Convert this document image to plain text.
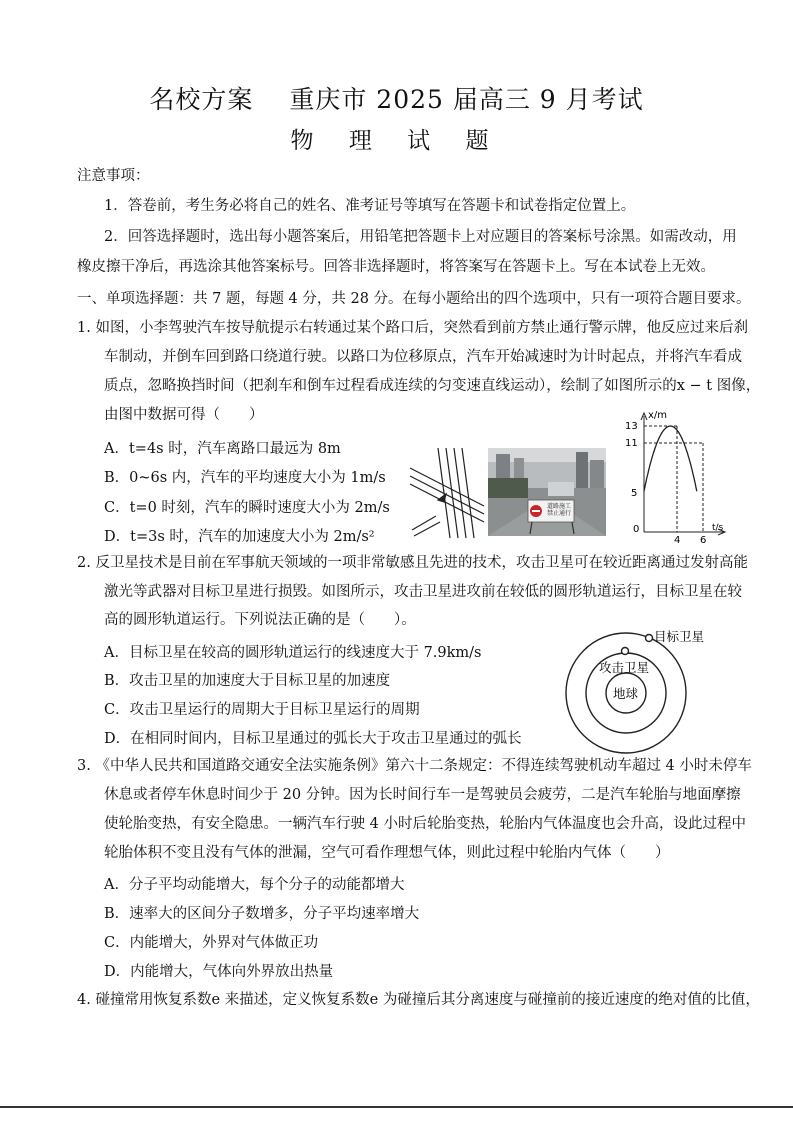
名校方案 重庆市 2025 届高三 9 月考试
物 理 试 题
注意事项：
1．答卷前，考生务必将自己的姓名、准考证号等填写在答题卡和试卷指定位置上。
2．回答选择题时，选出每小题答案后，用铅笔把答题卡上对应题目的答案标号涂黑。如需改动，用
橡皮擦干净后，再选涂其他答案标号。回答非选择题时，将答案写在答题卡上。写在本试卷上无效。
一、单项选择题：共 7 题，每题 4 分，共 28 分。在每小题给出的四个选项中，只有一项符合题目要求。
1. 如图，小李驾驶汽车按导航提示右转通过某个路口后，突然看到前方禁止通行警示牌，他反应过来后刹
车制动，并倒车回到路口绕道行驶。以路口为位移原点，汽车开始减速时为计时起点，并将汽车看成
质点，忽略换挡时间（把刹车和倒车过程看成连续的匀变速直线运动），绘制了如图所示的x − t 图像，
由图中数据可得（　　）
A．t=4s 时，汽车离路口最远为 8m
B．0~6s 内，汽车的平均速度大小为 1m/s
C．t=0 时刻，汽车的瞬时速度大小为 2m/s
D．t=3s 时，汽车的加速度大小为 2m/s²
道路施工
禁止通行
x/m
13
11
5
0
4 6
t/s
2. 反卫星技术是目前在军事航天领域的一项非常敏感且先进的技术，攻击卫星可在较近距离通过发射高能
激光等武器对目标卫星进行损毁。如图所示，攻击卫星进攻前在较低的圆形轨道运行，目标卫星在较
高的圆形轨道运行。下列说法正确的是（　　）。
A．目标卫星在较高的圆形轨道运行的线速度大于 7.9km/s
B．攻击卫星的加速度大于目标卫星的加速度
C．攻击卫星运行的周期大于目标卫星运行的周期
D．在相同时间内，目标卫星通过的弧长大于攻击卫星通过的弧长
目标卫星
攻击卫星
地球
3. 《中华人民共和国道路交通安全法实施条例》第六十二条规定：不得连续驾驶机动车超过 4 小时未停车
休息或者停车休息时间少于 20 分钟。因为长时间行车一是驾驶员会疲劳，二是汽车轮胎与地面摩擦
使轮胎变热，有安全隐患。一辆汽车行驶 4 小时后轮胎变热，轮胎内气体温度也会升高，设此过程中
轮胎体积不变且没有气体的泄漏，空气可看作理想气体，则此过程中轮胎内气体（　　）
A．分子平均动能增大，每个分子的动能都增大
B．速率大的区间分子数增多，分子平均速率增大
C．内能增大，外界对气体做正功
D．内能增大，气体向外界放出热量
4. 碰撞常用恢复系数e 来描述，定义恢复系数e 为碰撞后其分离速度与碰撞前的接近速度的绝对值的比值，
